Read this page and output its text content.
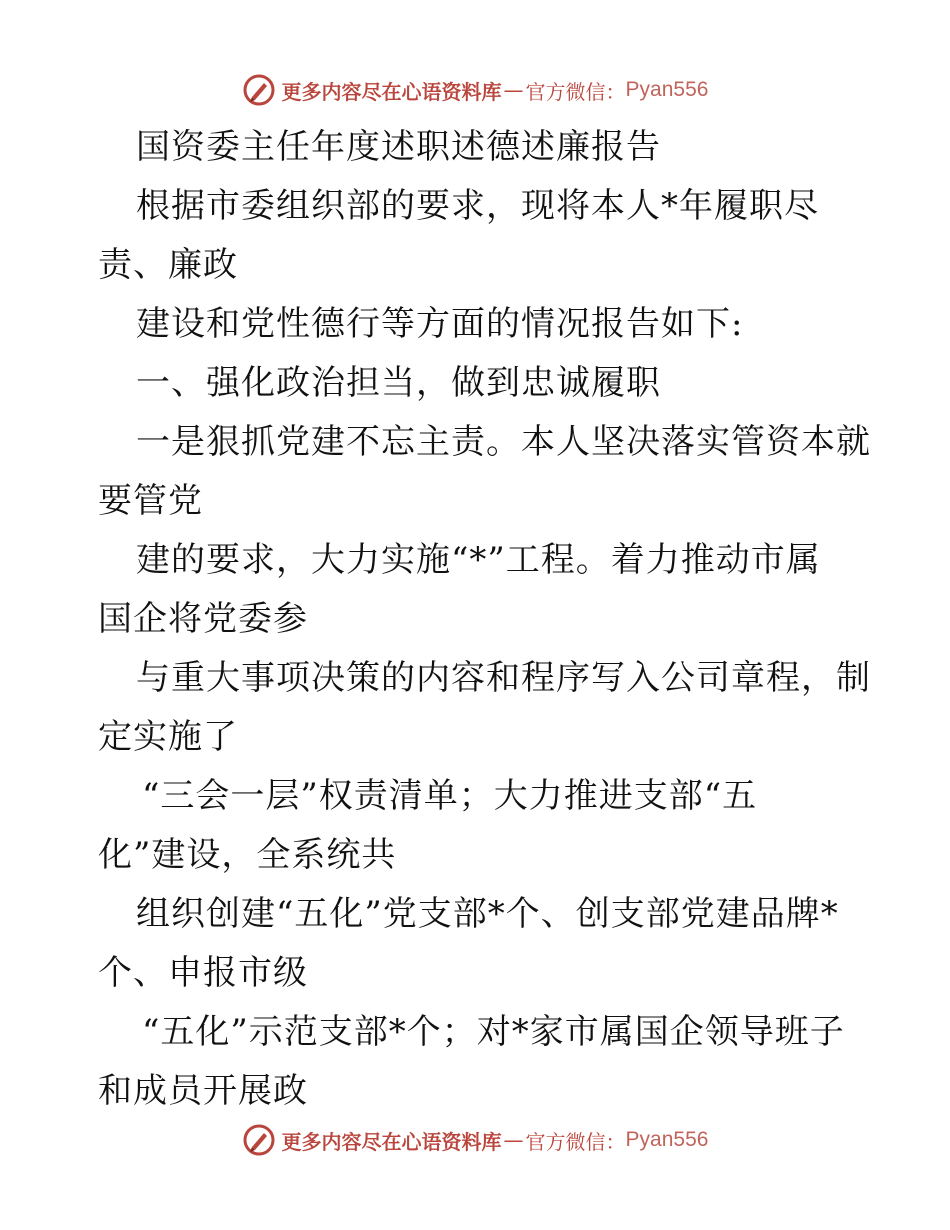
更多内容尽在心语资料库 — 官方微信： Pyan556
国资委主任年度述职述德述廉报告
根据市委组织部的要求，现将本人*年履职尽
责、廉政
建设和党性德行等方面的情况报告如下:
一、强化政治担当，做到忠诚履职
一是狠抓党建不忘主责。本人坚决落实管资本就
要管党
建的要求，大力实施“*”工程。着力推动市属
国企将党委参
与重大事项决策的内容和程序写入公司章程，制
定实施了
“三会一层”权责清单；大力推进支部“五
化”建设，全系统共
组织创建“五化”党支部*个、创支部党建品牌*
个、申报市级
“五化”示范支部*个；对*家市属国企领导班子
和成员开展政
更多内容尽在心语资料库 — 官方微信： Pyan556
